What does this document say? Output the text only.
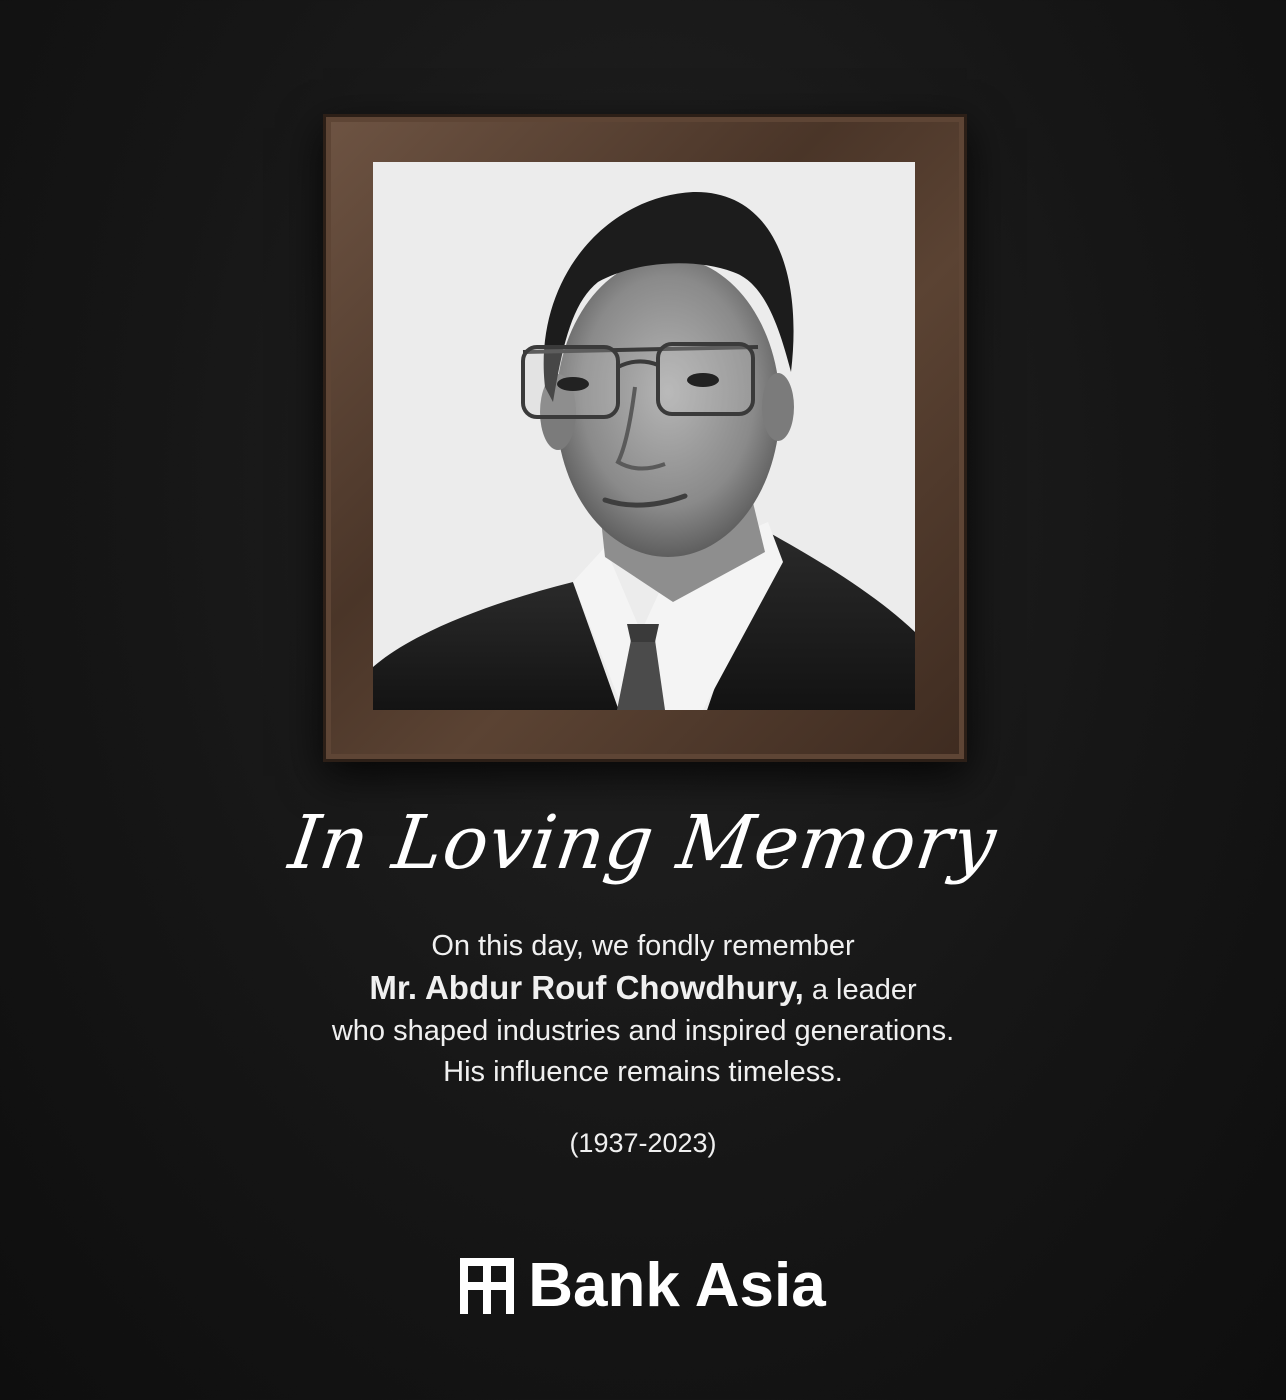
In Loving Memory
On this day, we fondly remember
Mr. Abdur Rouf Chowdhury, a leader
who shaped industries and inspired generations.
His influence remains timeless.
(1937-2023)
Bank Asia
